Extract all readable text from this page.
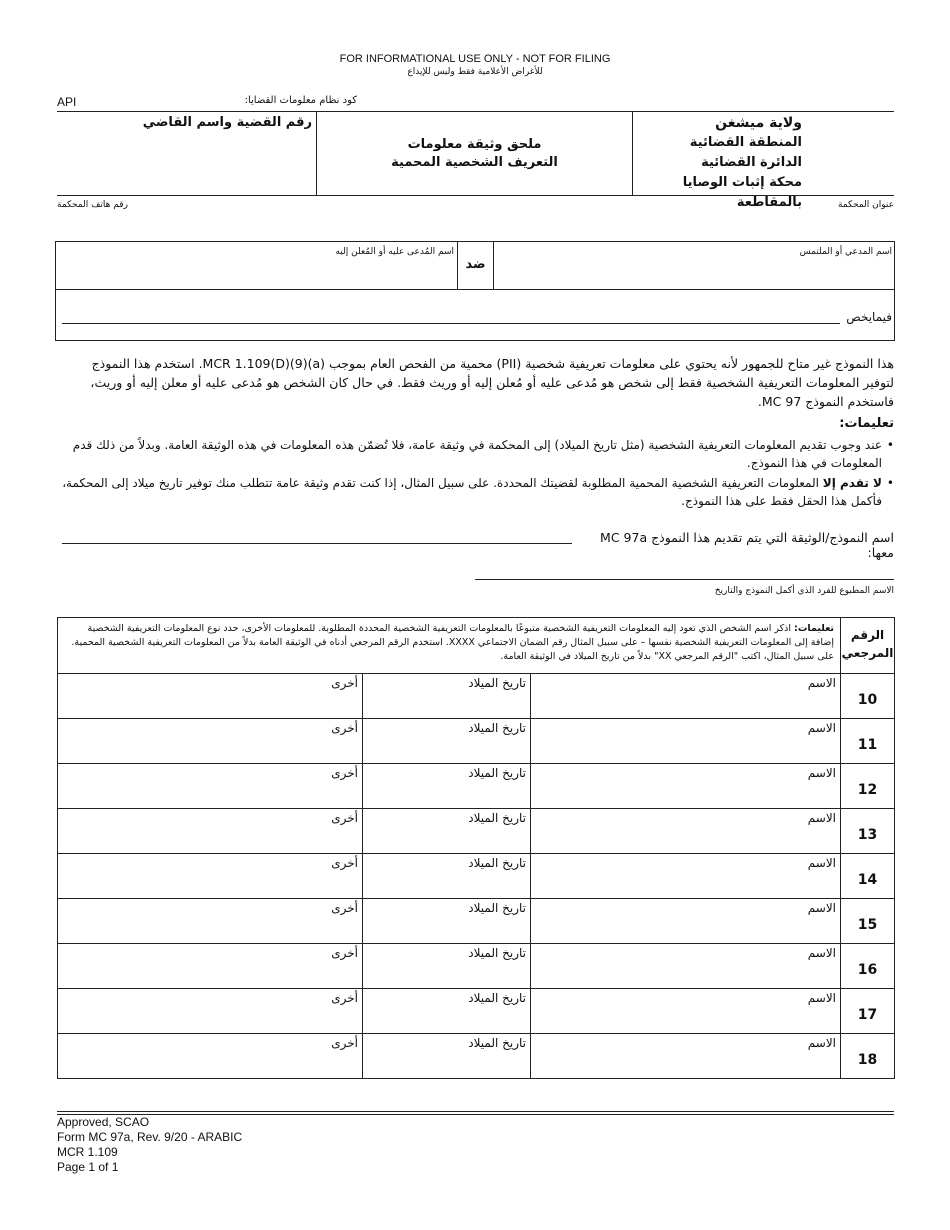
FOR INFORMATIONAL USE ONLY - NOT FOR FILING
للأغراض الأعلامية فقط وليس للإيداع
كود نظام معلومات القضايا:
API
ولاية ميشغن
المنطقة القضائية
الدائرة القضائية
محكة إثبات الوصايا بالمقاطعة
ملحق وثيقة معلومات
التعريف الشخصية المحمية
رقم القضية واسم القاضي
عنوان المحكمة
رقم هاتف المحكمة
اسم المدعي أو الملتمس
ضد
اسم المُدعى عليه أو المُعلن إليه
فيمايخص
هذا النموذج غير متاح للجمهور لأنه يحتوي على معلومات تعريفية شخصية (PII) محمية من الفحص العام بموجب MCR 1.109(D)(9)(a). استخدم هذا النموذج لتوفير المعلومات التعريفية الشخصية فقط إلى شخص هو مُدعى عليه أو مُعلن إليه أو وريث فقط. في حال كان الشخص هو مُدعى عليه أو معلن إليه أو وريث، فاستخدم النموذج MC 97.
تعليمات:
• عند وجوب تقديم المعلومات التعريفية الشخصية (مثل تاريخ الميلاد) إلى المحكمة في وثيقة عامة، فلا تُضمّن هذه المعلومات في هذه الوثيقة العامة. وبدلاً من ذلك قدم المعلومات في هذا النموذج.
• لا تقدم إلا المعلومات التعريفية الشخصية المحمية المطلوبة لقضيتك المحددة. على سبيل المثال، إذا كنت تقدم وثيقة عامة تتطلب منك توفير تاريخ ميلاد إلى المحكمة، فأكمل هذا الحقل فقط على هذا النموذج.
اسم النموذج/الوثيقة التي يتم تقديم هذا النموذج MC 97a معها:
الاسم المطبوع للفرد الذي أكمل النموذج والتاريخ
تعليمات: اذكر اسم الشخص الذي تعود إليه المعلومات التعريفية الشخصية متبوعًا بالمعلومات التعريفية الشخصية المحددة المطلوبة. للمعلومات الأخرى، حدد نوع المعلومات التعريفية الشخصية إضافة إلى المعلومات التعريفية الشخصية نفسها – على سبيل المثال رقم الضمان الاجتماعي XXXX. استخدم الرقم المرجعي أدناه في الوثيقة العامة بدلاً من المعلومات التعريفية الشخصية المحمية. على سبيل المثال، اكتب "الرقم المرجعي XX" بدلاً من تاريخ الميلاد في الوثيقة العامة.			الرقم
المرجعي

أخرى	تاريخ الميلاد	الاسم	10

أخرى	تاريخ الميلاد	الاسم	11

أخرى	تاريخ الميلاد	الاسم	12

أخرى	تاريخ الميلاد	الاسم	13

أخرى	تاريخ الميلاد	الاسم	14

أخرى	تاريخ الميلاد	الاسم	15

أخرى	تاريخ الميلاد	الاسم	16

أخرى	تاريخ الميلاد	الاسم	17

أخرى	تاريخ الميلاد	الاسم	18
Approved, SCAO
Form MC 97a, Rev. 9/20 - ARABIC
MCR 1.109
Page 1 of 1
